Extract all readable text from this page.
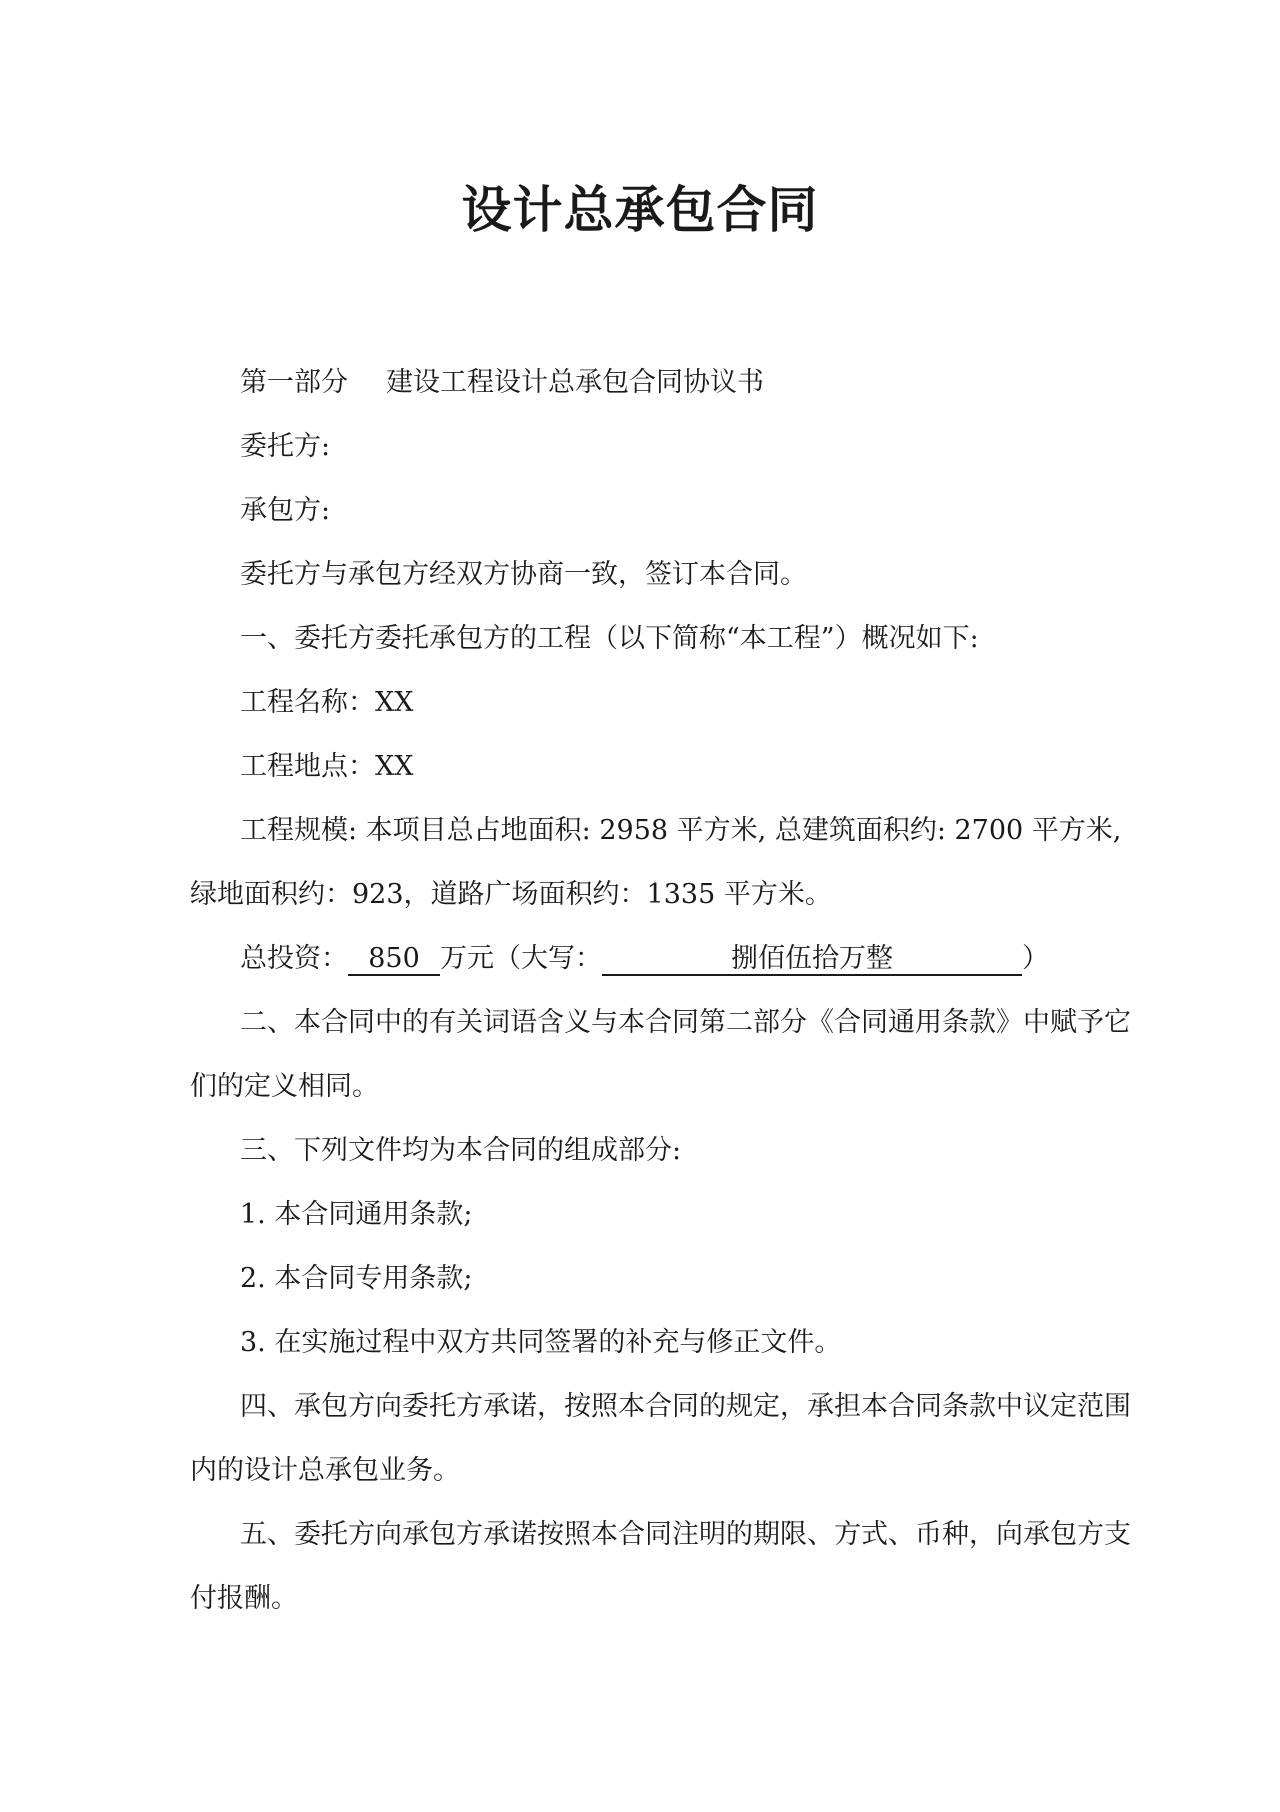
设计总承包合同
第一部分 建设工程设计总承包合同协议书
委托方:
承包方:
委托方与承包方经双方协商一致，签订本合同。
一、委托方委托承包方的工程（以下简称“本工程”）概况如下:
工程名称：XX
工程地点：XX
工程规模: 本项目总占地面积: 2958 平方米, 总建筑面积约: 2700 平方米,
绿地面积约：923，道路广场面积约：1335 平方米。
总投资： 850 万元（大写：	捌佰伍拾万整	）
二、本合同中的有关词语含义与本合同第二部分《合同通用条款》中赋予它
们的定义相同。
三、下列文件均为本合同的组成部分:
1. 本合同通用条款;
2. 本合同专用条款;
3. 在实施过程中双方共同签署的补充与修正文件。
四、承包方向委托方承诺，按照本合同的规定，承担本合同条款中议定范围
内的设计总承包业务。
五、委托方向承包方承诺按照本合同注明的期限、方式、币种，向承包方支
付报酬。
